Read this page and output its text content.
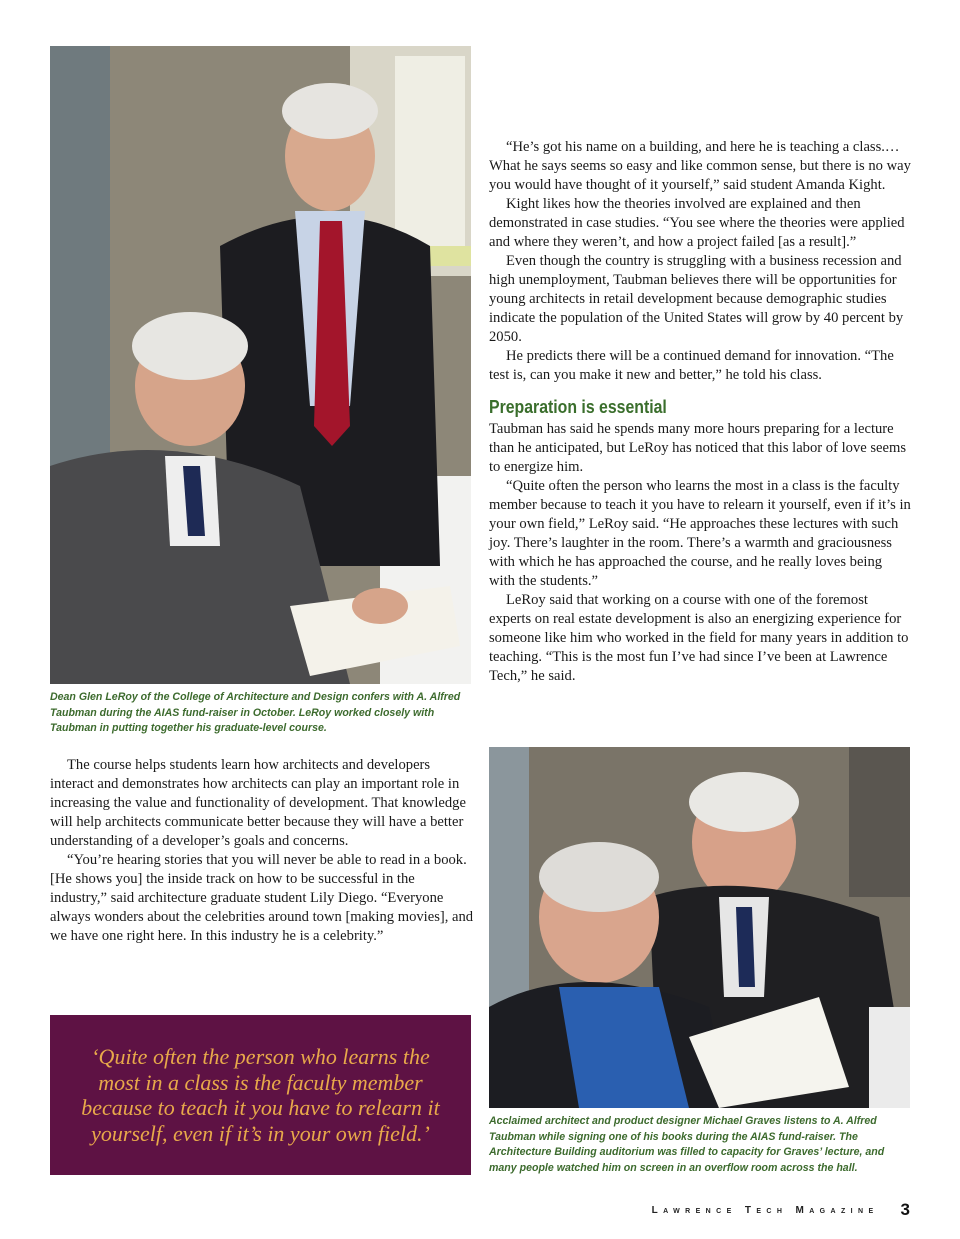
Dean Glen LeRoy of the College of Architecture and Design confers with A. Alfred Taubman during the AIAS fund-raiser in October. LeRoy worked closely with Taubman in putting together his graduate-level course.

The course helps students learn how architects and developers interact and demonstrates how architects can play an important role in increasing the value and functionality of development. That knowledge will help architects communicate better because they will have a better understanding of a developer’s goals and concerns.

“You’re hearing stories that you will never be able to read in a book. [He shows you] the inside track on how to be successful in the industry,” said architecture graduate student Lily Diego. “Everyone always wonders about the celebrities around town [making movies], and we have one right here. In this industry he is a celebrity.”

‘Quite often the person who learns the most in a class is the faculty member because to teach it you have to relearn it yourself, even if it’s in your own field.’

“He’s got his name on a building, and here he is teaching a class.… What he says seems so easy and like common sense, but there is no way you would have thought of it yourself,” said student Amanda Kight.

Kight likes how the theories involved are explained and then demonstrated in case studies. “You see where the theories were applied and where they weren’t, and how a project failed [as a result].”

Even though the country is struggling with a business recession and high unemployment, Taubman believes there will be opportunities for young architects in retail development because demographic studies indicate the population of the United States will grow by 40 percent by 2050.

He predicts there will be a continued demand for innovation. “The test is, can you make it new and better,” he told his class.

Preparation is essential

Taubman has said he spends many more hours preparing for a lecture than he anticipated, but LeRoy has noticed that this labor of love seems to energize him.

“Quite often the person who learns the most in a class is the faculty member because to teach it you have to relearn it yourself, even if it’s in your own field,” LeRoy said. “He approaches these lectures with such joy. There’s laughter in the room. There’s a warmth and graciousness with which he has approached the course, and he really loves being with the students.”

LeRoy said that working on a course with one of the foremost experts on real estate development is also an energizing experience for someone like him who worked in the field for many years in addition to teaching. “This is the most fun I’ve had since I’ve been at Lawrence Tech,” he said.

Acclaimed architect and product designer Michael Graves listens to A. Alfred Taubman while signing one of his books during the AIAS fund-raiser. The Architecture Building auditorium was filled to capacity for Graves’ lecture, and many people watched him on screen in an overflow room across the hall.

Lawrence Tech Magazine 3
